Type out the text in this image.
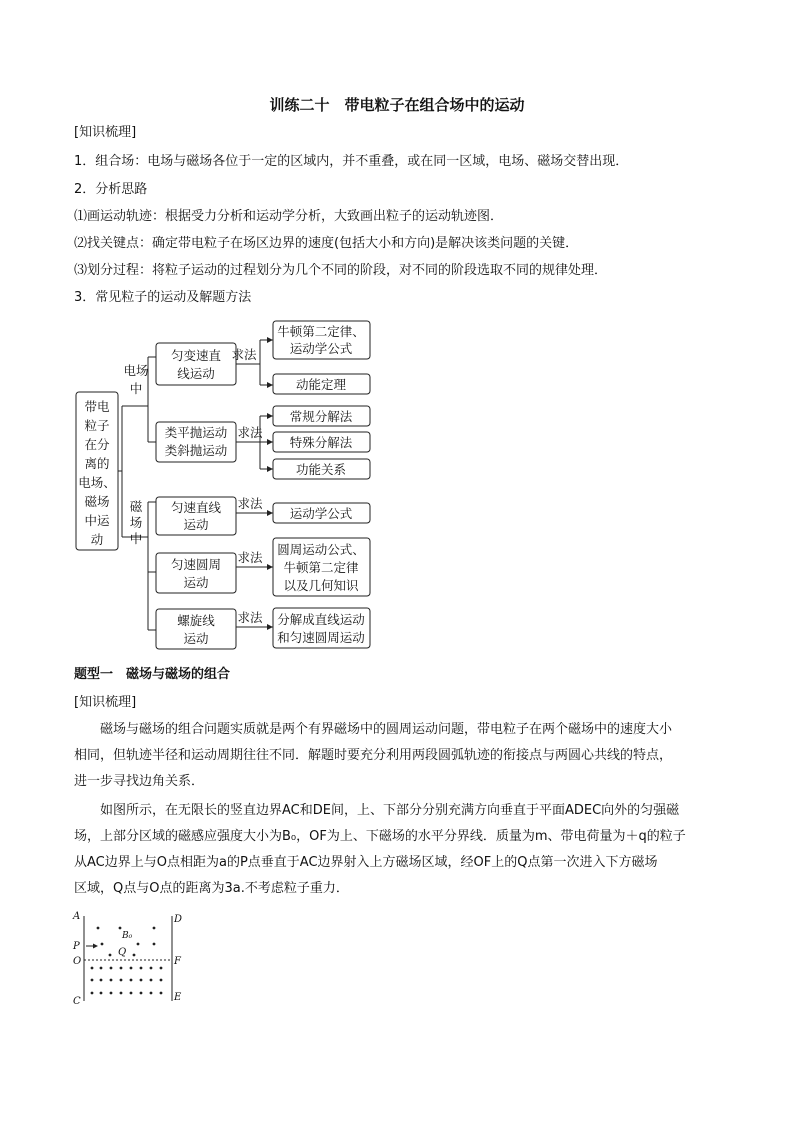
训练二十　带电粒子在组合场中的运动
[知识梳理]
1．组合场：电场与磁场各位于一定的区域内，并不重叠，或在同一区域，电场、磁场交替出现．
2．分析思路
⑴画运动轨迹：根据受力分析和运动学分析，大致画出粒子的运动轨迹图．
⑵找关键点：确定带电粒子在场区边界的速度(包括大小和方向)是解决该类问题的关键．
⑶划分过程：将粒子运动的过程划分为几个不同的阶段，对不同的阶段选取不同的规律处理．
3．常见粒子的运动及解题方法
带电
粒子
在分
离的
电场、
磁场
中运
动
电场
中
磁
场
中
匀变速直
线运动
类平抛运动
类斜抛运动
匀速直线
运动
匀速圆周
运动
螺旋线
运动
求法
求法
求法
求法
求法
牛顿第二定律、
运动学公式
动能定理
常规分解法
特殊分解法
功能关系
运动学公式
圆周运动公式、
牛顿第二定律
以及几何知识
分解成直线运动
和匀速圆周运动
题型一　磁场与磁场的组合
[知识梳理]
磁场与磁场的组合问题实质就是两个有界磁场中的圆周运动问题，带电粒子在两个磁场中的速度大小
相同，但轨迹半径和运动周期往往不同．解题时要充分利用两段圆弧轨迹的衔接点与两圆心共线的特点，
进一步寻找边角关系．
如图所示，在无限长的竖直边界AC和DE间，上、下部分分别充满方向垂直于平面ADEC向外的匀强磁
场，上部分区域的磁感应强度大小为B₀，OF为上、下磁场的水平分界线．质量为m、带电荷量为＋q的粒子
从AC边界上与O点相距为a的P点垂直于AC边界射入上方磁场区域，经OF上的Q点第一次进入下方磁场
区域，Q点与O点的距离为3a.不考虑粒子重力．
A	D
P
B₀
Q
O	F
C	E
